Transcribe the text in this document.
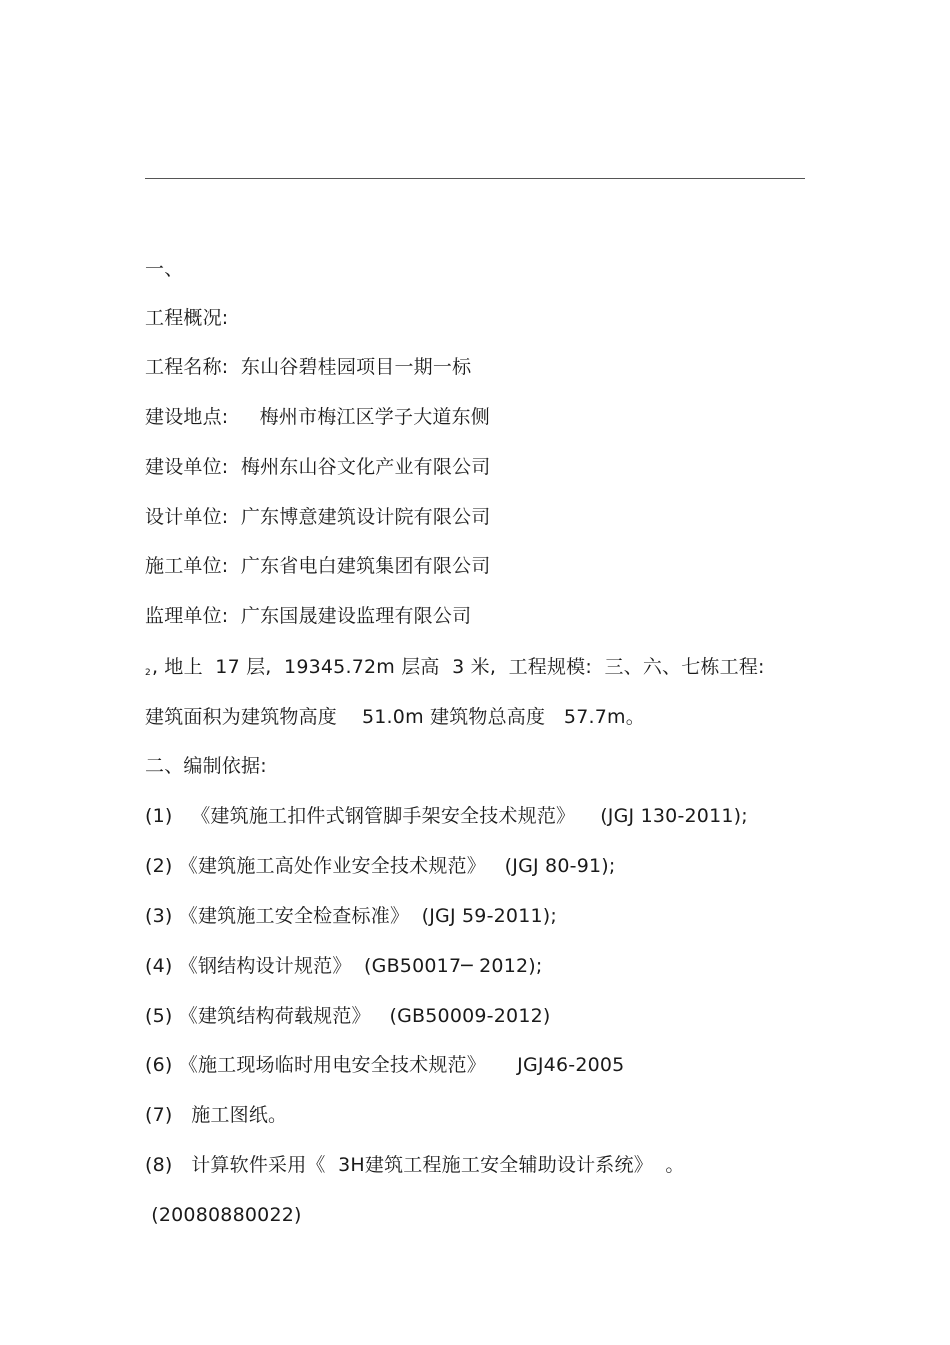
一、
工程概况:
工程名称:  东山谷碧桂园项目一期一标
建设地点:     梅州市梅江区学子大道东侧
建设单位:  梅州东山谷文化产业有限公司
设计单位:  广东博意建筑设计院有限公司
施工单位:  广东省电白建筑集团有限公司
监理单位:  广东国晟建设监理有限公司
$_2$, 地上  17 层,  19345.72m 层高  3 米,  工程规模:  三、六、七栋工程:
建筑面积为建筑物高度    51.0m 建筑物总高度   57.7m。
二、编制依据:
(1)   《建筑施工扣件式钢管脚手架安全技术规范》    (JGJ 130-2011);
(2) 《建筑施工高处作业安全技术规范》   (JGJ 80-91);
(3) 《建筑施工安全检查标准》  (JGJ 59-2011);
(4) 《钢结构设计规范》  (GB50017─ 2012);
(5) 《建筑结构荷载规范》   (GB50009-2012)
(6) 《施工现场临时用电安全技术规范》     JGJ46-2005
(7)   施工图纸。
(8)   计算软件采用《  3H建筑工程施工安全辅助设计系统》  。
(20080880022)
